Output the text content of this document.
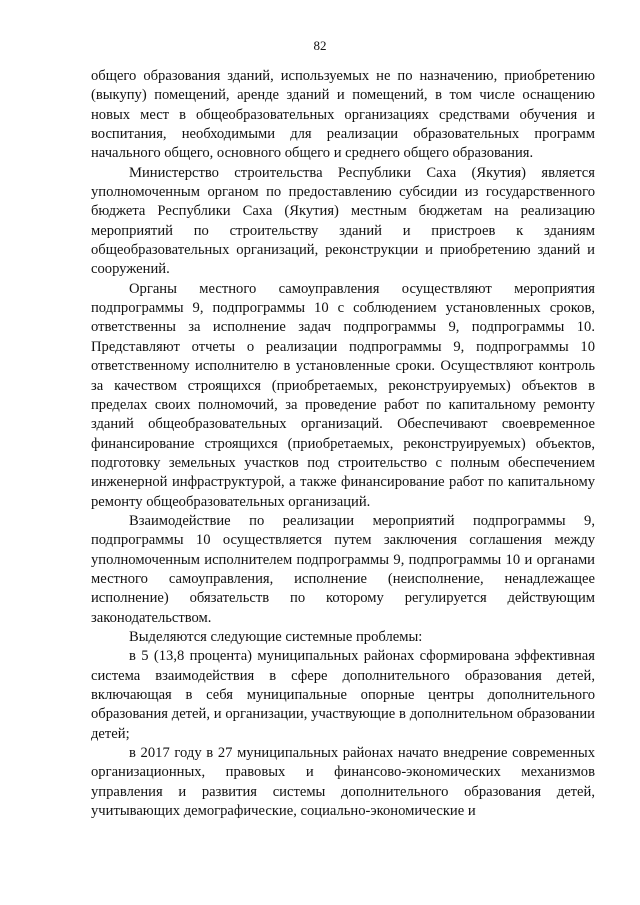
82

общего образования зданий, используемых не по назначению, приобретению (выкупу) помещений, аренде зданий и помещений, в том числе оснащению новых мест в общеобразовательных организациях средствами обучения и воспитания, необходимыми для реализации образовательных программ начального общего, основного общего и среднего общего образования.

Министерство строительства Республики Саха (Якутия) является уполномоченным органом по предоставлению субсидии из государственного бюджета Республики Саха (Якутия) местным бюджетам на реализацию мероприятий по строительству зданий и пристроев к зданиям общеобразовательных организаций, реконструкции и приобретению зданий и сооружений.

Органы местного самоуправления осуществляют мероприятия подпрограммы 9, подпрограммы 10 с соблюдением установленных сроков, ответственны за исполнение задач подпрограммы 9, подпрограммы 10. Представляют отчеты о реализации подпрограммы 9, подпрограммы 10 ответственному исполнителю в установленные сроки. Осуществляют контроль за качеством строящихся (приобретаемых, реконструируемых) объектов в пределах своих полномочий, за проведение работ по капитальному ремонту зданий общеобразовательных организаций. Обеспечивают своевременное финансирование строящихся (приобретаемых, реконструируемых) объектов, подготовку земельных участков под строительство с полным обеспечением инженерной инфраструктурой, а также финансирование работ по капитальному ремонту общеобразовательных организаций.

Взаимодействие по реализации мероприятий подпрограммы 9, подпрограммы 10 осуществляется путем заключения соглашения между уполномоченным исполнителем подпрограммы 9, подпрограммы 10 и органами местного самоуправления, исполнение (неисполнение, ненадлежащее исполнение) обязательств по которому регулируется действующим законодательством.

Выделяются следующие системные проблемы:

в 5 (13,8 процента) муниципальных районах сформирована эффективная система взаимодействия в сфере дополнительного образования детей, включающая в себя муниципальные опорные центры дополнительного образования детей, и организации, участвующие в дополнительном образовании детей;

в 2017 году в 27 муниципальных районах начато внедрение современных организационных, правовых и финансово-экономических механизмов управления и развития системы дополнительного образования детей, учитывающих демографические, социально-экономические и
